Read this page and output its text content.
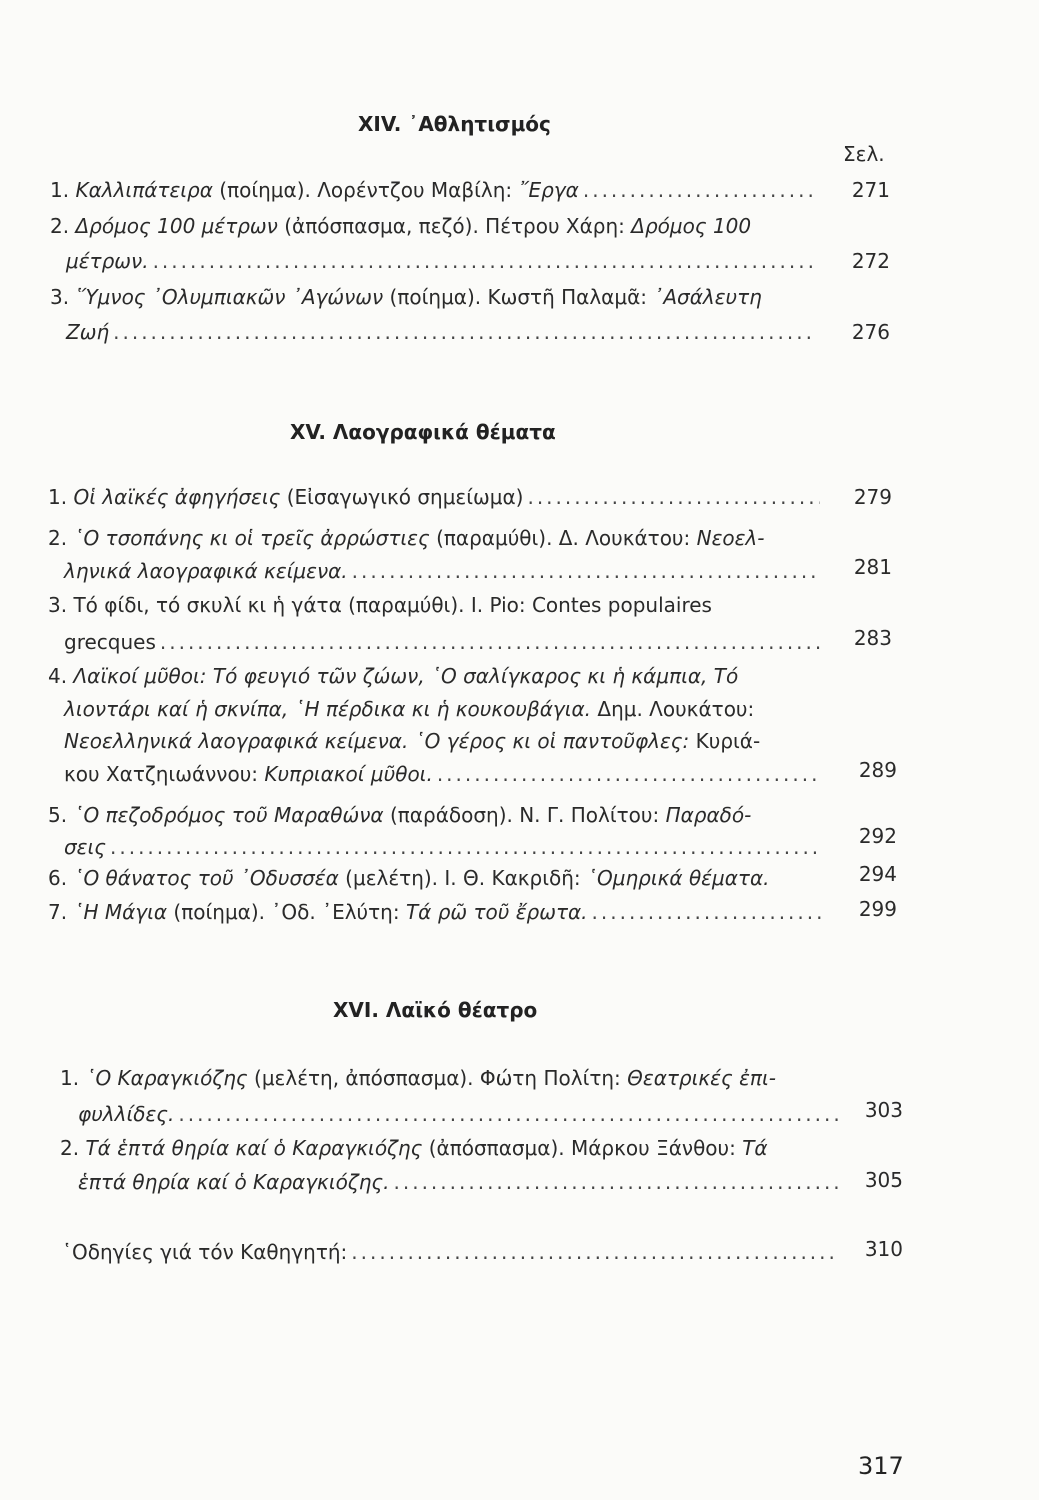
XIV. ᾿Αθλητισμός
Σελ.
1. Καλλιπάτειρα (ποίημα). Λορέντζου Μαβίλη: ῎Εργα .....	271
2. Δρόμος 100 μέτρων (ἀπόσπασμα, πεζό). Πέτρου Χάρη: Δρόμος 100
μέτρων. .....	272
3. ῞Υμνος ᾿Ολυμπιακῶν ᾿Αγώνων (ποίημα). Κωστῆ Παλαμᾶ: ᾿Ασάλευτη
Ζωή .....	276
XV. Λαογραφικά θέματα
1. Οἱ λαϊκές ἀφηγήσεις (Εἰσαγωγικό σημείωμα) .....	279
2. ῾Ο τσοπάνης κι οἱ τρεῖς ἀρρώστιες (παραμύθι). Δ. Λουκάτου: Νεοελ-
ληνικά λαογραφικά κείμενα. .....	281
3. Τό φίδι, τό σκυλί κι ἡ γάτα (παραμύθι). Ι. Pio: Contes populaires
grecques .....	283
4. Λαϊκοί μῦθοι: Τό φευγιό τῶν ζώων, ῾Ο σαλίγκαρος κι ἡ κάμπια, Τό
λιοντάρι καί ἡ σκνίπα, ῾Η πέρδικα κι ἡ κουκουβάγια. Δημ. Λουκάτου:
Νεοελληνικά λαογραφικά κείμενα. ῾Ο γέρος κι οἱ παντοῦφλες: Κυριά-
κου Χατζηιωάννου: Κυπριακοί μῦθοι. .....	289
5. ῾Ο πεζοδρόμος τοῦ Μαραθώνα (παράδοση). Ν. Γ. Πολίτου: Παραδό-
σεις .....	292
6. ῾Ο θάνατος τοῦ ᾿Οδυσσέα (μελέτη). Ι. Θ. Κακριδῆ: ῾Ομηρικά θέματα.	294
7. ῾Η Μάγια (ποίημα). ᾿Οδ. ᾿Ελύτη: Τά ρῶ τοῦ ἔρωτα. .....	299
XVI. Λαϊκό θέατρο
1. ῾Ο Καραγκιόζης (μελέτη, ἀπόσπασμα). Φώτη Πολίτη: Θεατρικές ἐπι-
φυλλίδες. .....	303
2. Τά ἑπτά θηρία καί ὁ Καραγκιόζης (ἀπόσπασμα). Μάρκου Ξάνθου: Τά
ἑπτά θηρία καί ὁ Καραγκιόζης. .....	305
῾Οδηγίες γιά τόν Καθηγητή: .....	310
317
